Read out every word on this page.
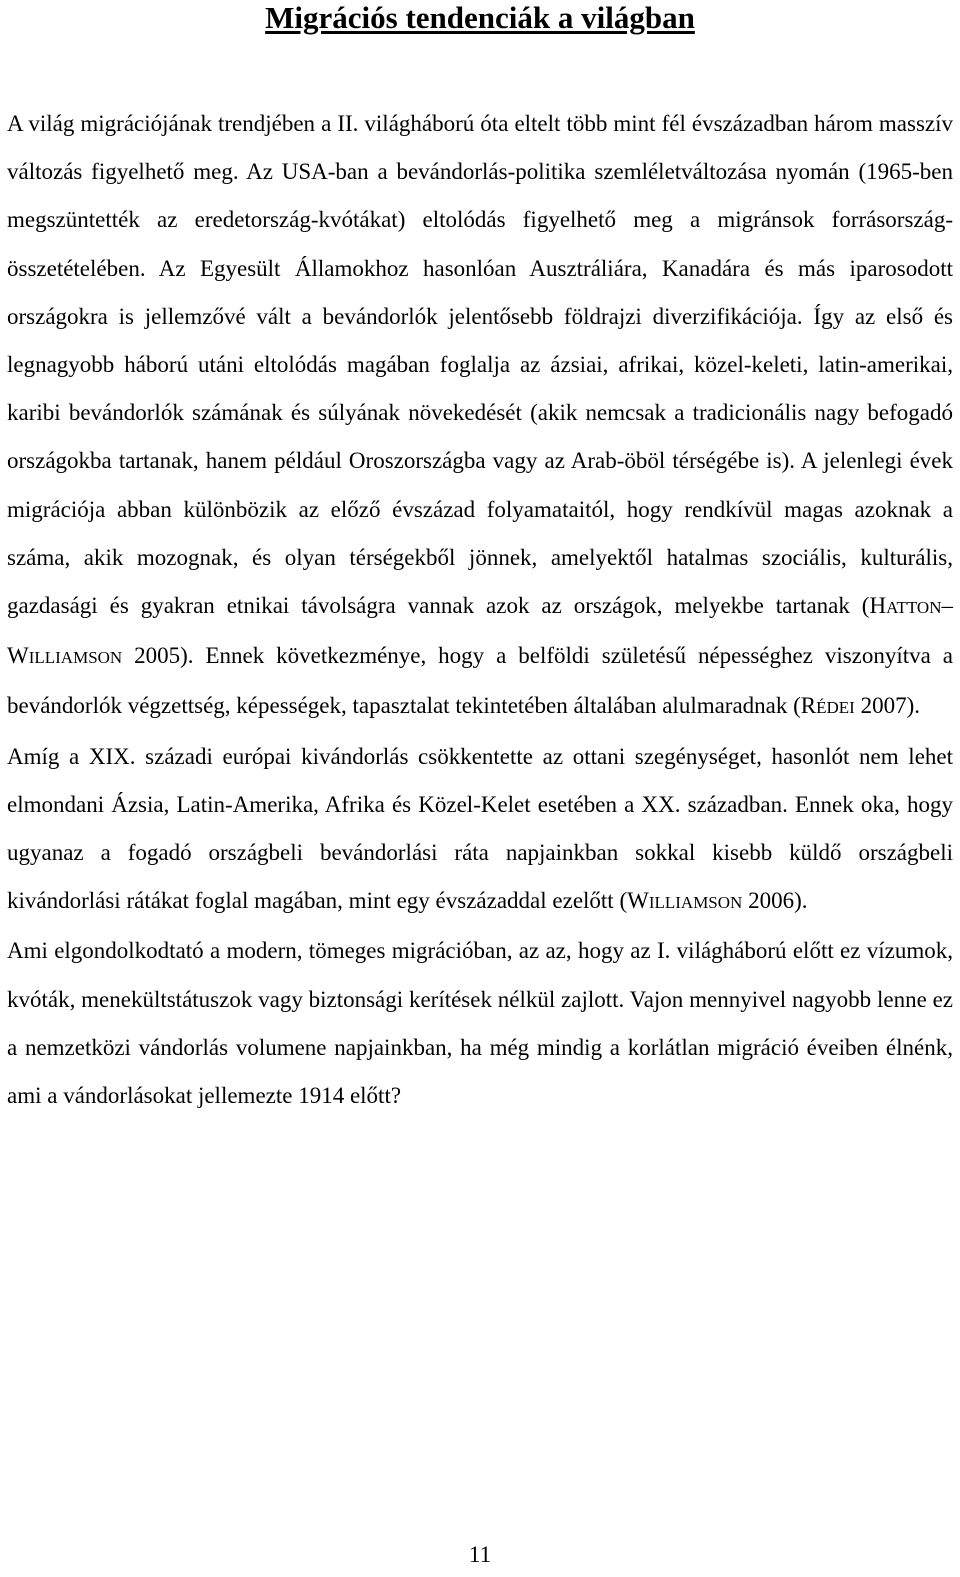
Migrációs tendenciák a világban

A világ migrációjának trendjében a II. világháború óta eltelt több mint fél évszázadban három masszív változás figyelhető meg. Az USA-ban a bevándorlás-politika szemléletváltozása nyomán (1965-ben megszüntették az eredetország-kvótákat) eltolódás figyelhető meg a migránsok forrásország-összetételében. Az Egyesült Államokhoz hasonlóan Ausztráliára, Kanadára és más iparosodott országokra is jellemzővé vált a bevándorlók jelentősebb földrajzi diverzifikációja. Így az első és legnagyobb háború utáni eltolódás magában foglalja az ázsiai, afrikai, közel-keleti, latin-amerikai, karibi bevándorlók számának és súlyának növekedését (akik nemcsak a tradicionális nagy befogadó országokba tartanak, hanem például Oroszországba vagy az Arab-öböl térségébe is). A jelenlegi évek migrációja abban különbözik az előző évszázad folyamataitól, hogy rendkívül magas azoknak a száma, akik mozognak, és olyan térségekből jönnek, amelyektől hatalmas szociális, kulturális, gazdasági és gyakran etnikai távolságra vannak azok az országok, melyekbe tartanak (HATTON–WILLIAMSON 2005). Ennek következménye, hogy a belföldi születésű népességhez viszonyítva a bevándorlók végzettség, képességek, tapasztalat tekintetében általában alulmaradnak (RÉDEI 2007).

Amíg a XIX. századi európai kivándorlás csökkentette az ottani szegénységet, hasonlót nem lehet elmondani Ázsia, Latin-Amerika, Afrika és Közel-Kelet esetében a XX. században. Ennek oka, hogy ugyanaz a fogadó országbeli bevándorlási ráta napjainkban sokkal kisebb küldő országbeli kivándorlási rátákat foglal magában, mint egy évszázaddal ezelőtt (WILLIAMSON 2006).

Ami elgondolkodtató a modern, tömeges migrációban, az az, hogy az I. világháború előtt ez vízumok, kvóták, menekültstátuszok vagy biztonsági kerítések nélkül zajlott. Vajon mennyivel nagyobb lenne ez a nemzetközi vándorlás volumene napjainkban, ha még mindig a korlátlan migráció éveiben élnénk, ami a vándorlásokat jellemezte 1914 előtt?

11
